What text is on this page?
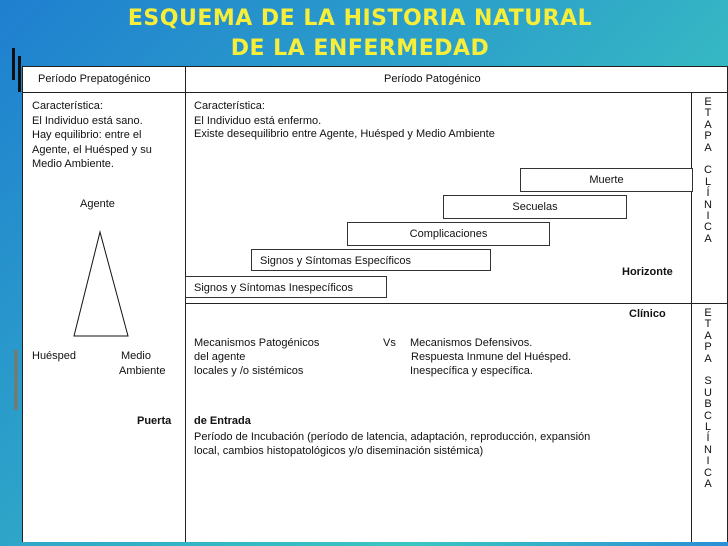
ESQUEMA DE LA HISTORIA NATURAL
DE LA ENFERMEDAD
Período Prepatogénico	Período Patogénico
Característica:
El Individuo está sano.
Hay equilibrio: entre el
Agente, el Huésped y su
Medio Ambiente.
Agente
Huésped	Medio
Ambiente
Puerta
Característica:
El Individuo está enfermo.
Existe desequilibrio entre Agente, Huésped y Medio Ambiente
Muerte
Secuelas
Complicaciones
Signos y Síntomas Específicos
Horizonte
Signos y Síntomas Inespecíficos
Clínico
Mecanismos Patogénicos	Vs Mecanismos Defensivos.
del agente	Respuesta Inmune del Huésped.
locales y /o sistémicos	Inespecífica y específica.
de Entrada
Período de Incubación (período de latencia, adaptación, reproducción, expansión
local, cambios histopatológicos y/o diseminación sistémica)
E
T
A
P
A

C
L
Í
N
I
C
A
E
T
A
P
A

S
U
B
C
L
Í
N
I
C
A
